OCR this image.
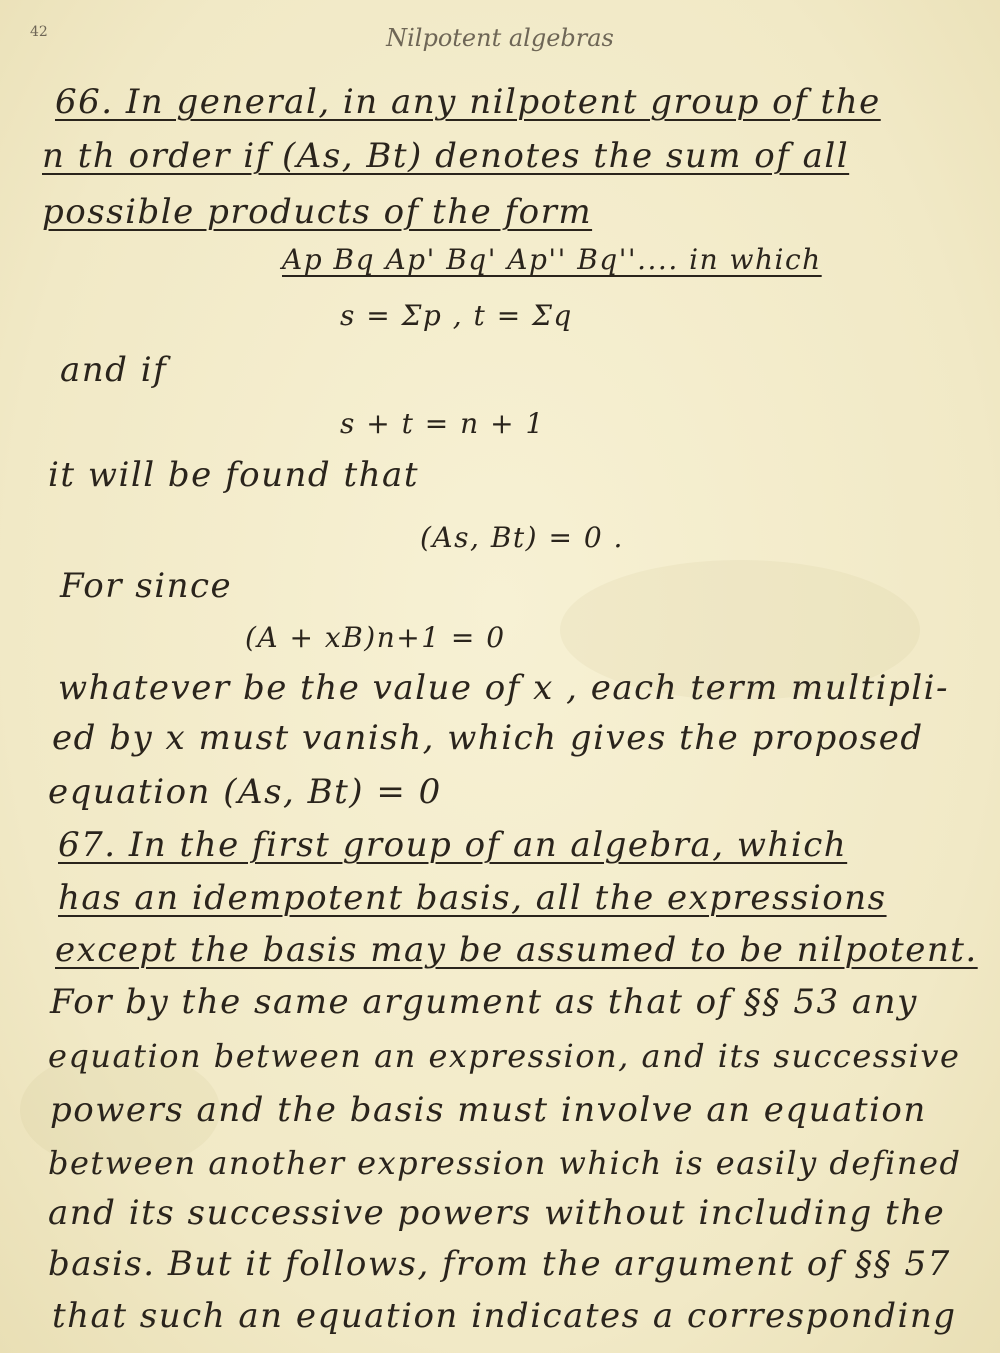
42	Nilpotent algebras
66. In general, in any nilpotent group of the
n th order if (As, Bt) denotes the sum of all
possible products of the form
Ap Bq Ap' Bq' Ap'' Bq''.... in which
s = Σp , t = Σq
and if
s + t = n + 1
it will be found that
(As, Bt) = 0 .
For since
(A + xB)n+1 = 0
whatever be the value of x , each term multipli-
ed by x must vanish, which gives the proposed
equation (As, Bt) = 0
67. In the first group of an algebra, which
has an idempotent basis, all the expressions
except the basis may be assumed to be nilpotent.
For by the same argument as that of §§ 53 any
equation between an expression, and its successive
powers and the basis must involve an equation
between another expression which is easily defined
and its successive powers without including the
basis. But it follows, from the argument of §§ 57
that such an equation indicates a corresponding
